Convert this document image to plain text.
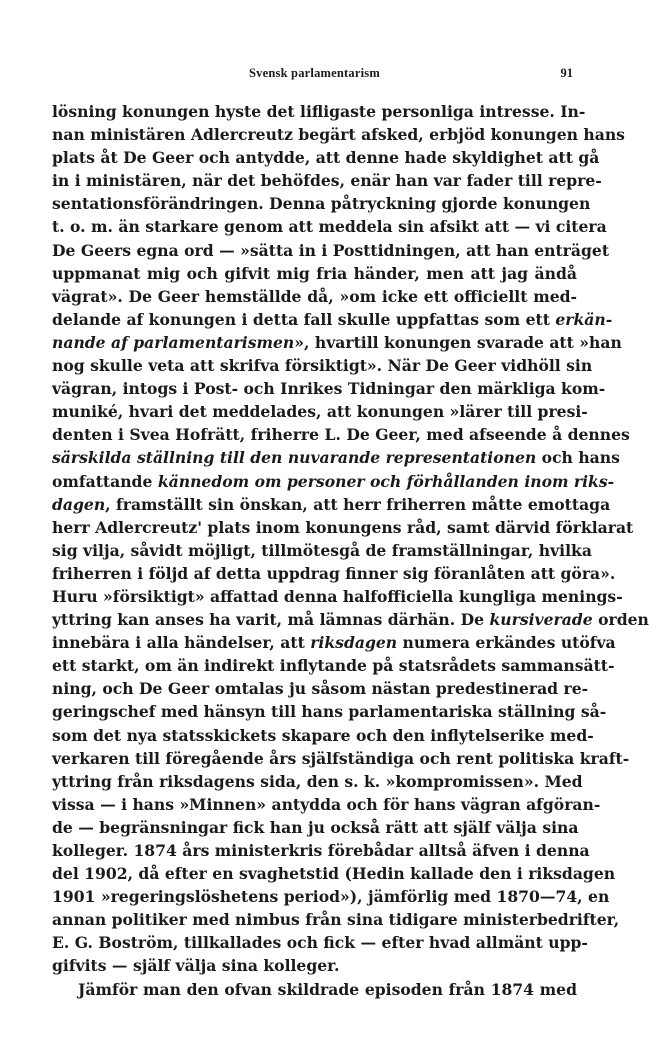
Svensk parlamentarism	91
lösning konungen hyste det lifligaste personliga intresse. In-
nan ministären Adlercreutz begärt afsked, erbjöd konungen hans
plats åt De Geer och antydde, att denne hade skyldighet att gå
in i ministären, när det behöfdes, enär han var fader till repre-
sentationsförändringen. Denna påtryckning gjorde konungen
t. o. m. än starkare genom att meddela sin afsikt att — vi citera
De Geers egna ord — »sätta in i Posttidningen, att han enträget
uppmanat mig och gifvit mig fria händer, men att jag ändå
vägrat». De Geer hemställde då, »om icke ett officiellt med-
delande af konungen i detta fall skulle uppfattas som ett erkän-
nande af parlamentarismen», hvartill konungen svarade att »han
nog skulle veta att skrifva försiktigt». När De Geer vidhöll sin
vägran, intogs i Post- och Inrikes Tidningar den märkliga kom-
muniké, hvari det meddelades, att konungen »lärer till presi-
denten i Svea Hofrätt, friherre L. De Geer, med afseende å dennes
särskilda ställning till den nuvarande representationen och hans
omfattande kännedom om personer och förhållanden inom riks-
dagen, framställt sin önskan, att herr friherren måtte emottaga
herr Adlercreutz' plats inom konungens råd, samt därvid förklarat
sig vilja, såvidt möjligt, tillmötesgå de framställningar, hvilka
friherren i följd af detta uppdrag finner sig föranlåten att göra».
Huru »försiktigt» affattad denna halfofficiella kungliga menings-
yttring kan anses ha varit, må lämnas därhän. De kursiverade orden
innebära i alla händelser, att riksdagen numera erkändes utöfva
ett starkt, om än indirekt inflytande på statsrådets sammansätt-
ning, och De Geer omtalas ju såsom nästan predestinerad re-
geringschef med hänsyn till hans parlamentariska ställning så-
som det nya statsskickets skapare och den inflytelserike med-
verkaren till föregående års själfständiga och rent politiska kraft-
yttring från riksdagens sida, den s. k. »kompromissen». Med
vissa — i hans »Minnen» antydda och för hans vägran afgöran-
de — begränsningar fick han ju också rätt att själf välja sina
kolleger. 1874 års ministerkris förebådar alltså äfven i denna
del 1902, då efter en svaghetstid (Hedin kallade den i riksdagen
1901 »regeringslöshetens period»), jämförlig med 1870—74, en
annan politiker med nimbus från sina tidigare ministerbedrifter,
E. G. Boström, tillkallades och fick — efter hvad allmänt upp-
gifvits — själf välja sina kolleger.
Jämför man den ofvan skildrade episoden från 1874 med
